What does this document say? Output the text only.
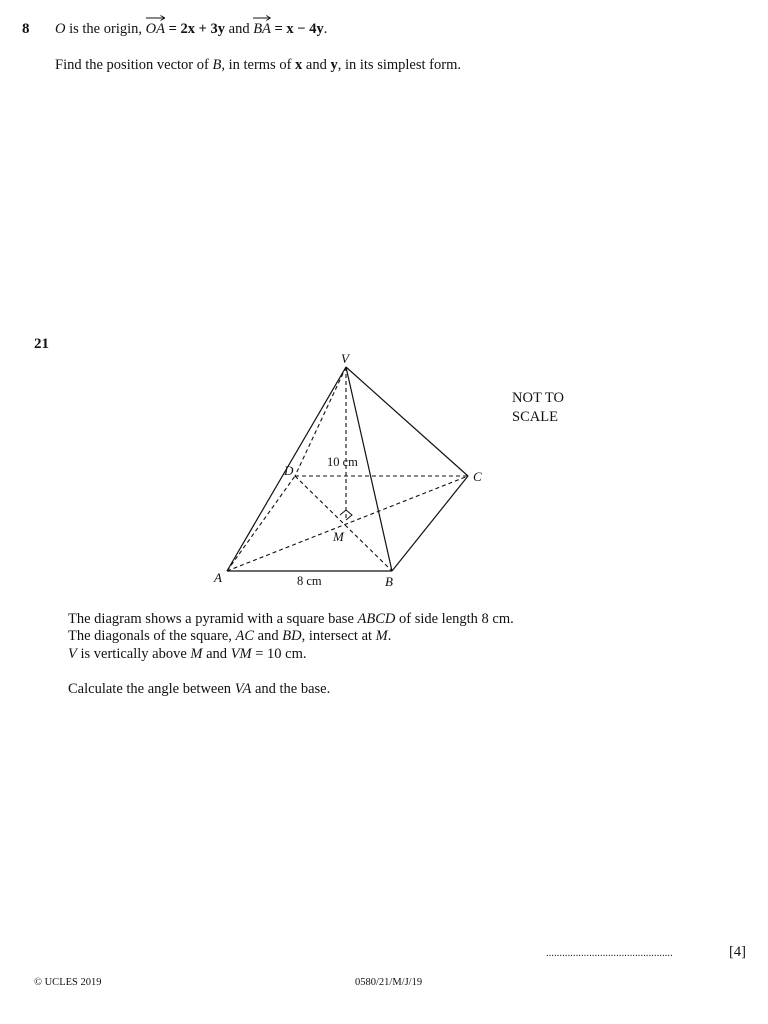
8 O is the origin,
OA = 2x + 3y and
BA = x − 4y.
Find the position vector of B, in terms of x and y, in its simplest form.
21
NOT TO
SCALE
V
A	B
C
D
M
10 cm
8 cm
The diagram shows a pyramid with a square base ABCD of side length 8 cm.
The diagonals of the square, AC and BD, intersect at M.
V is vertically above M and VM = 10 cm.
Calculate the angle between VA and the base.
...............................................	[4]
© UCLES 2019	0580/21/M/J/19
